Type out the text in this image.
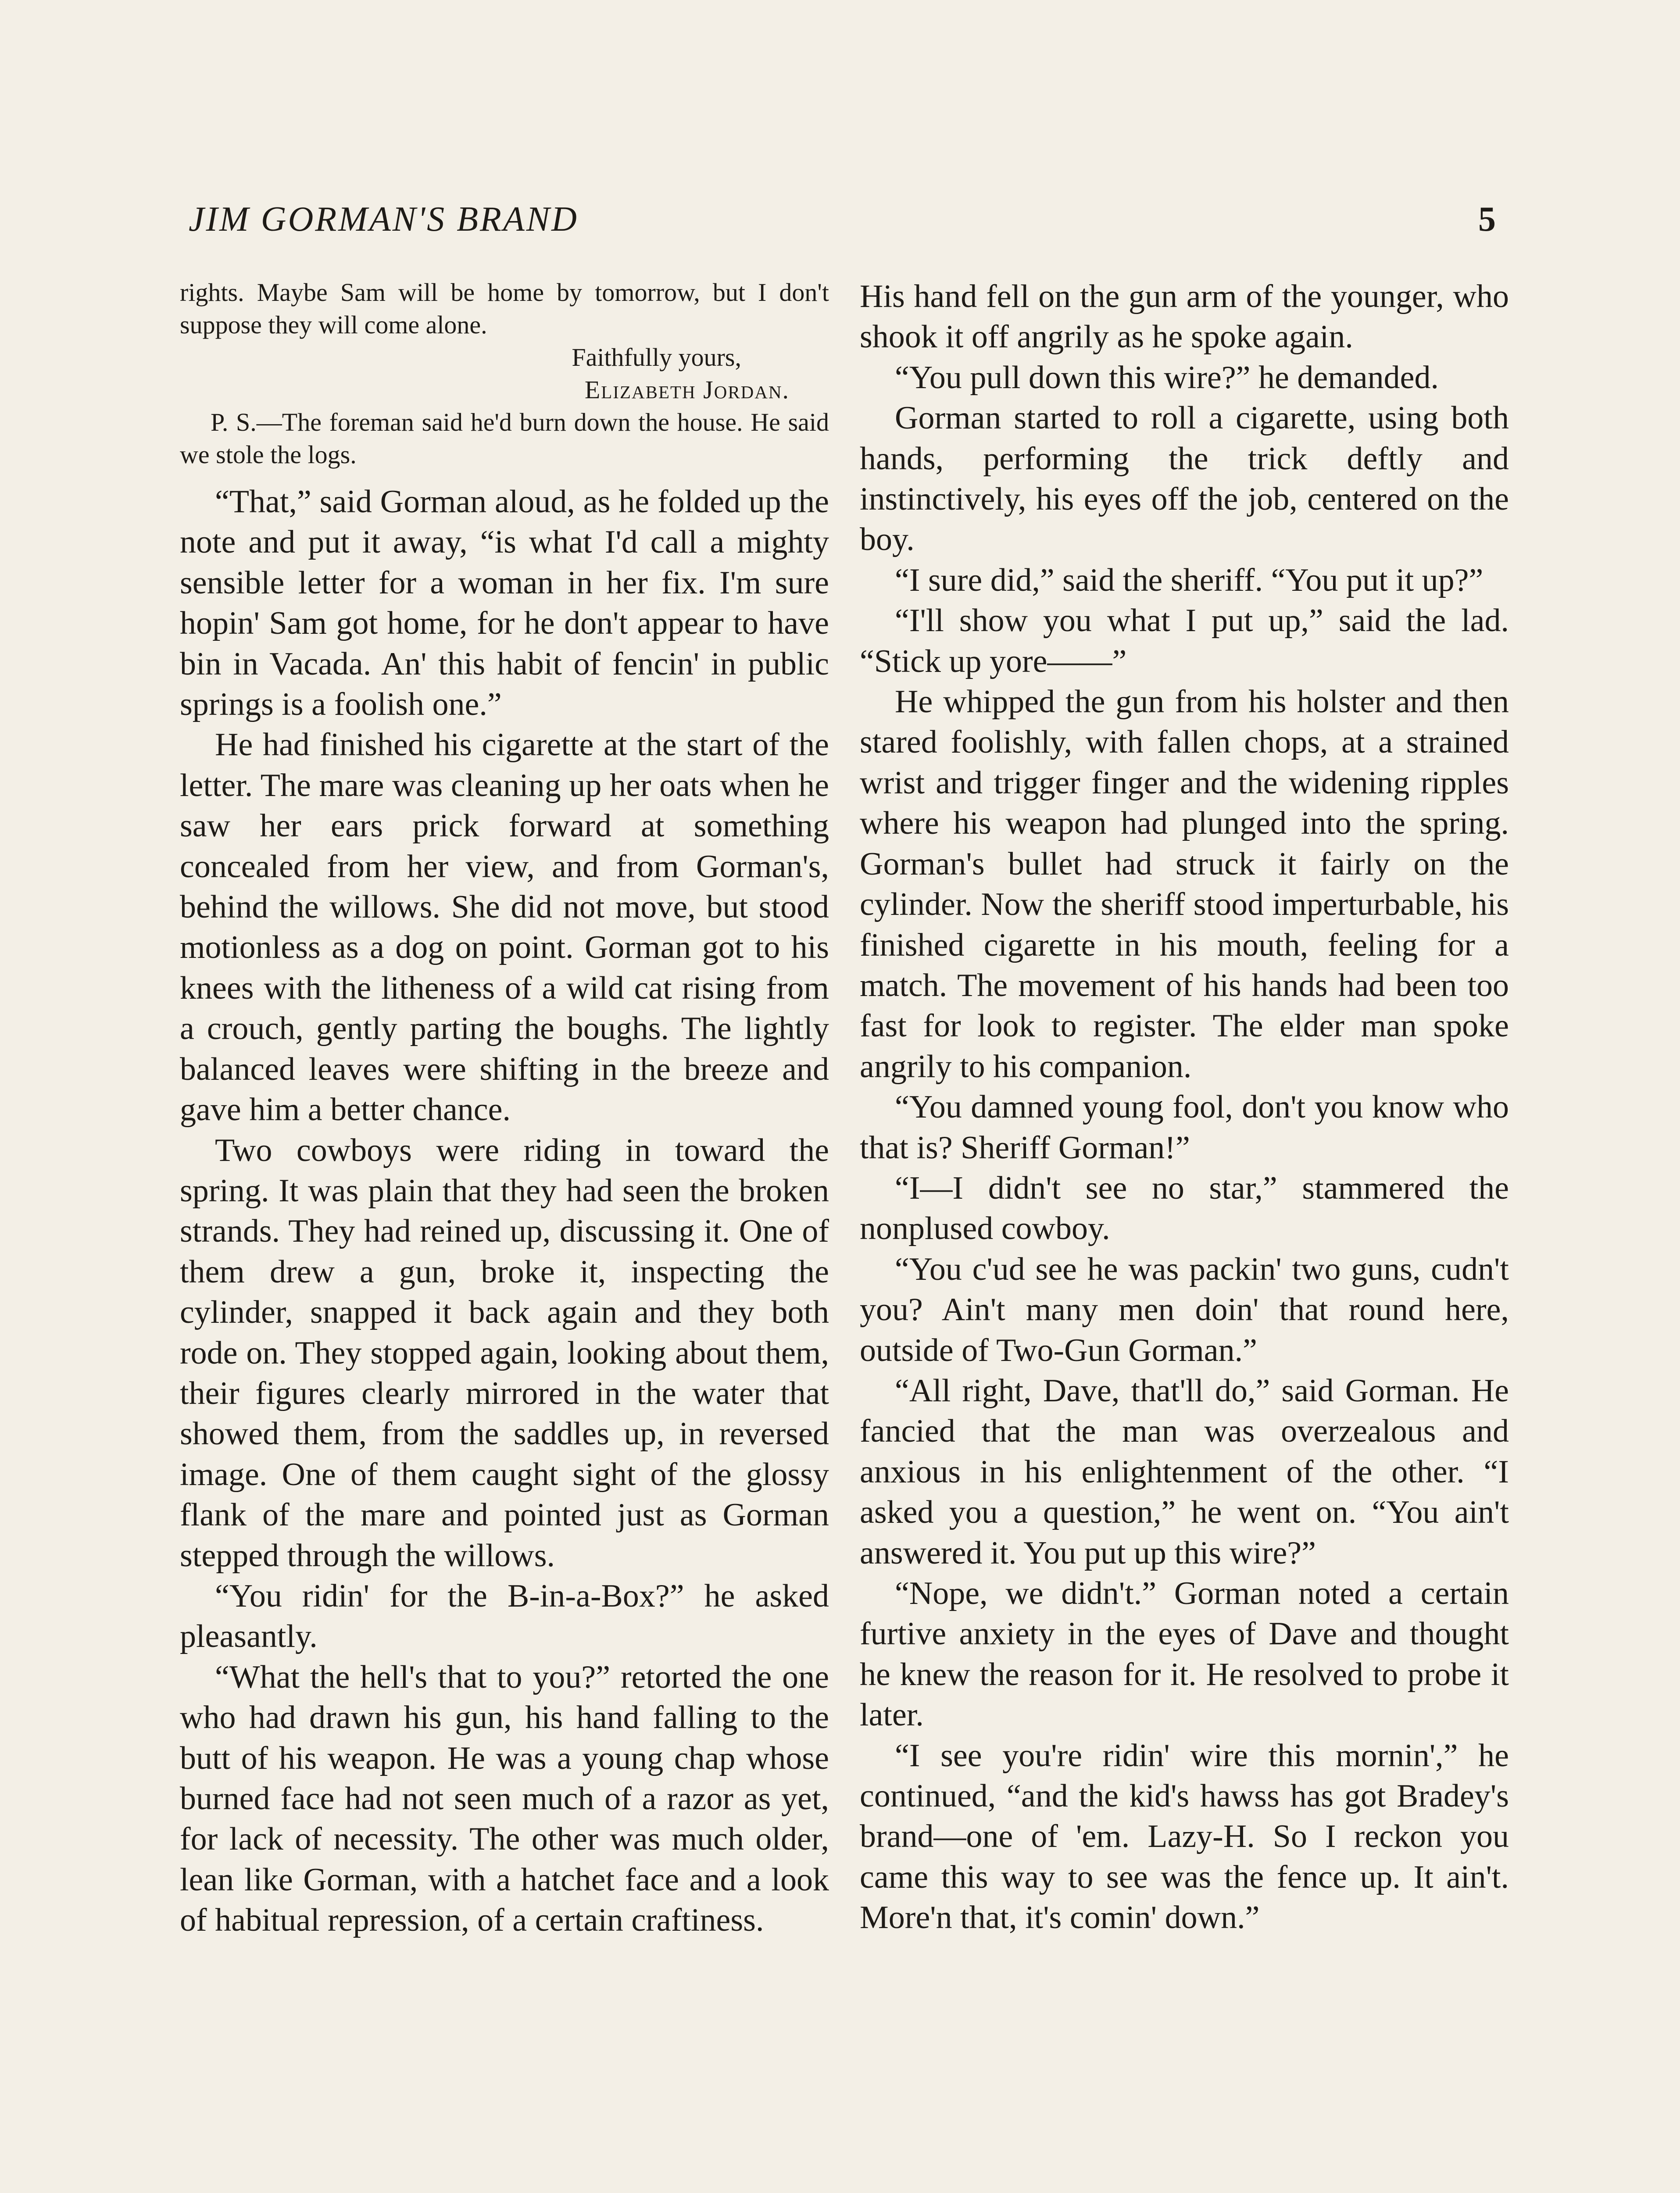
JIM GORMAN'S BRAND	5

rights. Maybe Sam will be home by tomorrow, but I don't suppose they will come alone.
Faithfully yours,
Elizabeth Jordan.

P. S.—The foreman said he'd burn down the house. He said we stole the logs.

“That,” said Gorman aloud, as he folded up the note and put it away, “is what I'd call a mighty sensible letter for a woman in her fix. I'm sure hopin' Sam got home, for he don't appear to have bin in Vacada. An' this habit of fencin' in public springs is a foolish one.”

He had finished his cigarette at the start of the letter. The mare was cleaning up her oats when he saw her ears prick forward at something concealed from her view, and from Gorman's, behind the willows. She did not move, but stood motionless as a dog on point. Gorman got to his knees with the litheness of a wild cat rising from a crouch, gently parting the boughs. The lightly balanced leaves were shifting in the breeze and gave him a better chance.

Two cowboys were riding in toward the spring. It was plain that they had seen the broken strands. They had reined up, discussing it. One of them drew a gun, broke it, inspecting the cylinder, snapped it back again and they both rode on. They stopped again, looking about them, their figures clearly mirrored in the water that showed them, from the saddles up, in reversed image. One of them caught sight of the glossy flank of the mare and pointed just as Gorman stepped through the willows.

“You ridin' for the B-in-a-Box?” he asked pleasantly.

“What the hell's that to you?” retorted the one who had drawn his gun, his hand falling to the butt of his weapon. He was a young chap whose burned face had not seen much of a razor as yet, for lack of necessity. The other was much older, lean like Gorman, with a hatchet face and a look of habitual repression, of a certain craftiness.

His hand fell on the gun arm of the younger, who shook it off angrily as he spoke again.

“You pull down this wire?” he demanded.

Gorman started to roll a cigarette, using both hands, performing the trick deftly and instinctively, his eyes off the job, centered on the boy.

“I sure did,” said the sheriff. “You put it up?”

“I'll show you what I put up,” said the lad. “Stick up yore——”

He whipped the gun from his holster and then stared foolishly, with fallen chops, at a strained wrist and trigger finger and the widening ripples where his weapon had plunged into the spring. Gorman's bullet had struck it fairly on the cylinder. Now the sheriff stood imperturbable, his finished cigarette in his mouth, feeling for a match. The movement of his hands had been too fast for look to register. The elder man spoke angrily to his companion.

“You damned young fool, don't you know who that is? Sheriff Gorman!”

“I—I didn't see no star,” stammered the nonplused cowboy.

“You c'ud see he was packin' two guns, cudn't you? Ain't many men doin' that round here, outside of Two-Gun Gorman.”

“All right, Dave, that'll do,” said Gorman. He fancied that the man was overzealous and anxious in his enlightenment of the other. “I asked you a question,” he went on. “You ain't answered it. You put up this wire?”

“Nope, we didn't.” Gorman noted a certain furtive anxiety in the eyes of Dave and thought he knew the reason for it. He resolved to probe it later.

“I see you're ridin' wire this mornin',” he continued, “and the kid's hawss has got Bradey's brand—one of 'em. Lazy-H. So I reckon you came this way to see was the fence up. It ain't. More'n that, it's comin' down.”
